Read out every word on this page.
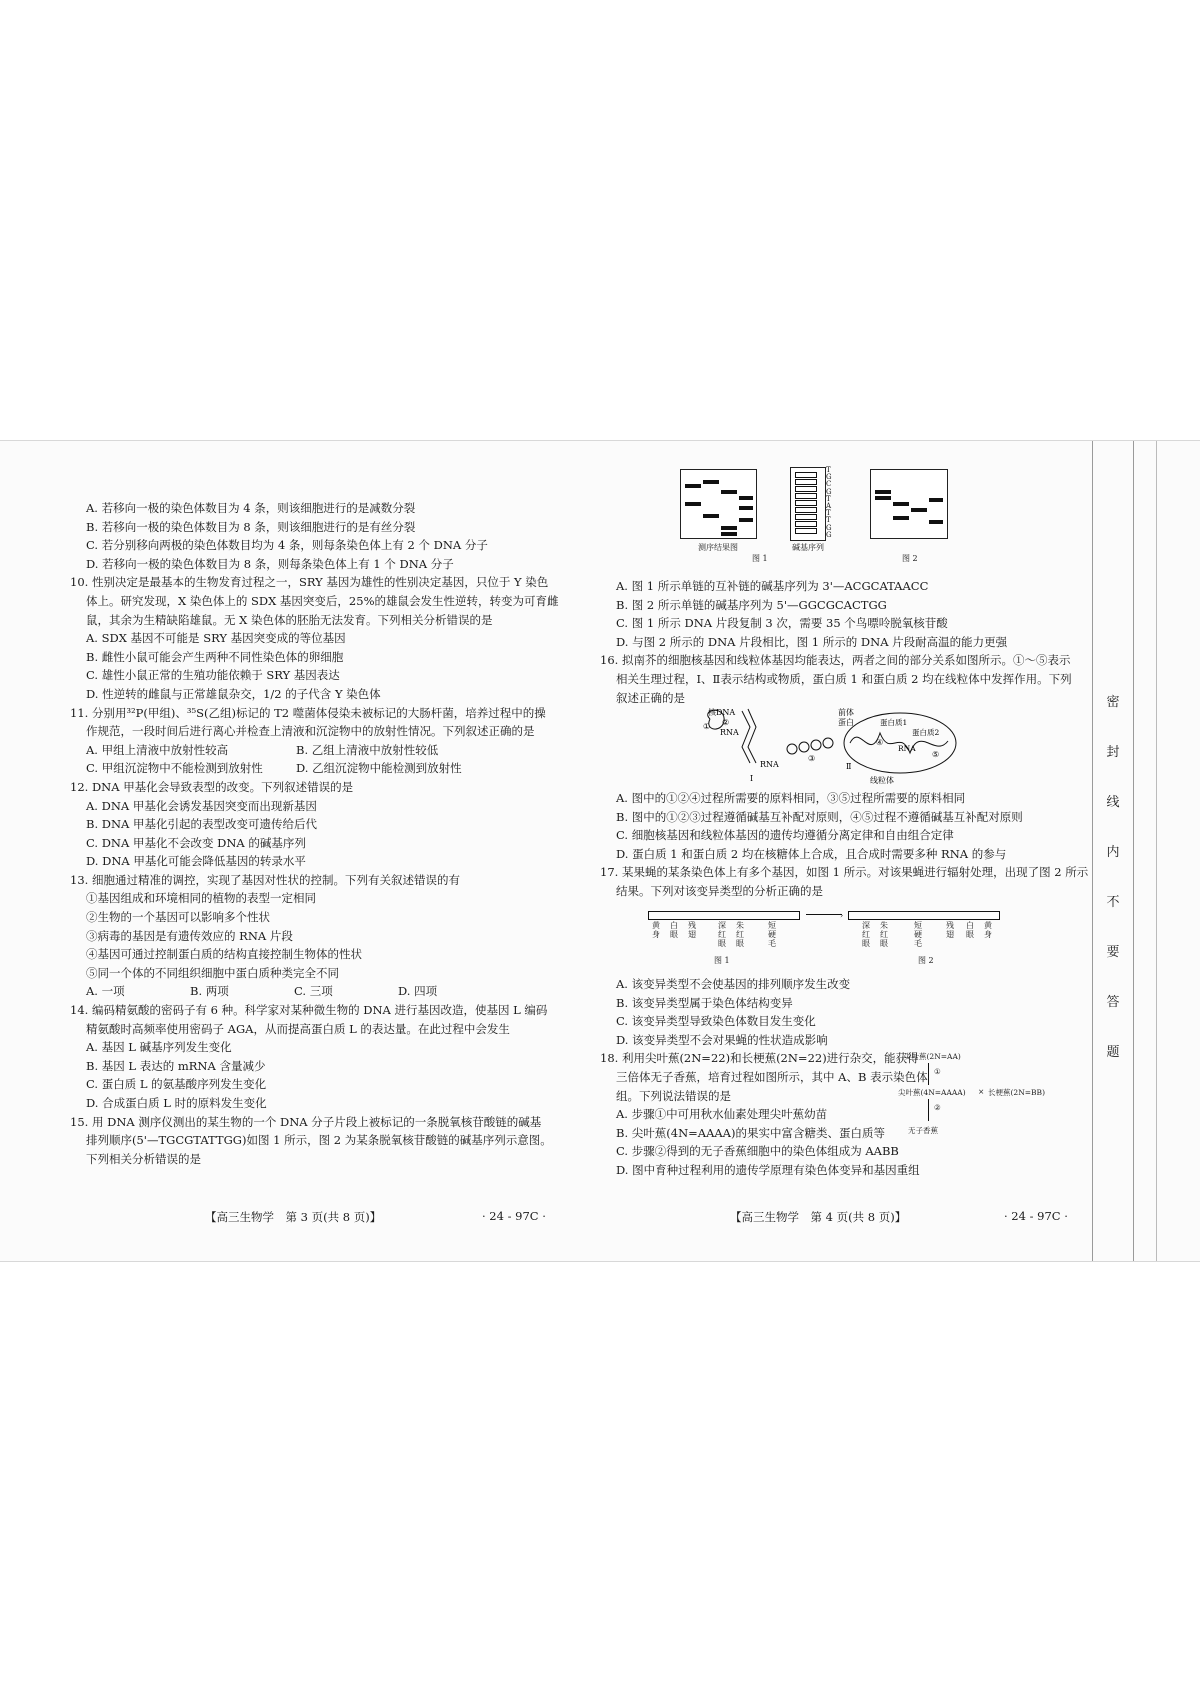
A. 若移向一极的染色体数目为 4 条，则该细胞进行的是减数分裂
B. 若移向一极的染色体数目为 8 条，则该细胞进行的是有丝分裂
C. 若分别移向两极的染色体数目均为 4 条，则每条染色体上有 2 个 DNA 分子
D. 若移向一极的染色体数目为 8 条，则每条染色体上有 1 个 DNA 分子
10. 性别决定是最基本的生物发育过程之一，SRY 基因为雄性的性别决定基因，只位于 Y 染色
体上。研究发现，X 染色体上的 SDX 基因突变后，25%的雄鼠会发生性逆转，转变为可育雌
鼠，其余为生精缺陷雄鼠。无 X 染色体的胚胎无法发育。下列相关分析错误的是
A. SDX 基因不可能是 SRY 基因突变成的等位基因
B. 雌性小鼠可能会产生两种不同性染色体的卵细胞
C. 雄性小鼠正常的生殖功能依赖于 SRY 基因表达
D. 性逆转的雌鼠与正常雄鼠杂交，1/2 的子代含 Y 染色体
11. 分别用³²P(甲组)、³⁵S(乙组)标记的 T2 噬菌体侵染未被标记的大肠杆菌，培养过程中的操
作规范，一段时间后进行离心并检查上清液和沉淀物中的放射性情况。下列叙述正确的是
A. 甲组上清液中放射性较高	B. 乙组上清液中放射性较低
C. 甲组沉淀物中不能检测到放射性	D. 乙组沉淀物中能检测到放射性
12. DNA 甲基化会导致表型的改变。下列叙述错误的是
A. DNA 甲基化会诱发基因突变而出现新基因
B. DNA 甲基化引起的表型改变可遗传给后代
C. DNA 甲基化不会改变 DNA 的碱基序列
D. DNA 甲基化可能会降低基因的转录水平
13. 细胞通过精准的调控，实现了基因对性状的控制。下列有关叙述错误的有
①基因组成和环境相同的植物的表型一定相同
②生物的一个基因可以影响多个性状
③病毒的基因是有遗传效应的 RNA 片段
④基因可通过控制蛋白质的结构直接控制生物体的性状
⑤同一个体的不同组织细胞中蛋白质种类完全不同
A. 一项	B. 两项	C. 三项	D. 四项
14. 编码精氨酸的密码子有 6 种。科学家对某种微生物的 DNA 进行基因改造，使基因 L 编码
精氨酸时高频率使用密码子 AGA，从而提高蛋白质 L 的表达量。在此过程中会发生
A. 基因 L 碱基序列发生变化
B. 基因 L 表达的 mRNA 含量减少
C. 蛋白质 L 的氨基酸序列发生变化
D. 合成蛋白质 L 时的原料发生变化
15. 用 DNA 测序仪测出的某生物的一个 DNA 分子片段上被标记的一条脱氧核苷酸链的碱基
排列顺序(5'—TGCGTATTGG)如图 1 所示，图 2 为某条脱氧核苷酸链的碱基序列示意图。
下列相关分析错误的是
【高三生物学　第 3 页(共 8 页)】	· 24 - 97C ·
测序结果图
T
G
C
G
T
A
T
T
G
G
碱基序列
图 1	图 2
A. 图 1 所示单链的互补链的碱基序列为 3'—ACGCATAACC
B. 图 2 所示单链的碱基序列为 5'—GGCGCACTGG
C. 图 1 所示 DNA 片段复制 3 次，需要 35 个鸟嘌呤脱氧核苷酸
D. 与图 2 所示的 DNA 片段相比，图 1 所示的 DNA 片段耐高温的能力更强
16. 拟南芥的细胞核基因和线粒体基因均能表达，两者之间的部分关系如图所示。①～⑤表示
相关生理过程，Ⅰ、Ⅱ表示结构或物质，蛋白质 1 和蛋白质 2 均在线粒体中发挥作用。下列
叙述正确的是
核DNA
① ②
RNA
RNA
Ⅰ
③
前体
蛋白	蛋白质1
蛋白质2
RNA
④
⑤
Ⅱ
线粒体
A. 图中的①②④过程所需要的原料相同，③⑤过程所需要的原料相同
B. 图中的①②③过程遵循碱基互补配对原则，④⑤过程不遵循碱基互补配对原则
C. 细胞核基因和线粒体基因的遗传均遵循分离定律和自由组合定律
D. 蛋白质 1 和蛋白质 2 均在核糖体上合成，且合成时需要多种 RNA 的参与
17. 某果蝇的某条染色体上有多个基因，如图 1 所示。对该果蝇进行辐射处理，出现了图 2 所示
结果。下列对该变异类型的分析正确的是
黄身
白眼
残翅
深红眼
朱红眼
短硬毛
图 1
›
深红眼
朱红眼
短硬毛
残翅
白眼
黄身
图 2
A. 该变异类型不会使基因的排列顺序发生改变
B. 该变异类型属于染色体结构变异
C. 该变异类型导致染色体数目发生变化
D. 该变异类型不会对果蝇的性状造成影响
18. 利用尖叶蕉(2N=22)和长梗蕉(2N=22)进行杂交，能获得
三倍体无子香蕉，培育过程如图所示，其中 A、B 表示染色体
组。下列说法错误的是
A. 步骤①中可用秋水仙素处理尖叶蕉幼苗
B. 尖叶蕉(4N=AAAA)的果实中富含糖类、蛋白质等
C. 步骤②得到的无子香蕉细胞中的染色体组成为 AABB
D. 图中育种过程利用的遗传学原理有染色体变异和基因重组
尖叶蕉(2N=AA)
①
尖叶蕉(4N=AAAA) × 长梗蕉(2N=BB)
②
无子香蕉
【高三生物学　第 4 页(共 8 页)】	· 24 - 97C ·
密
封
线
内
不
要
答
题
